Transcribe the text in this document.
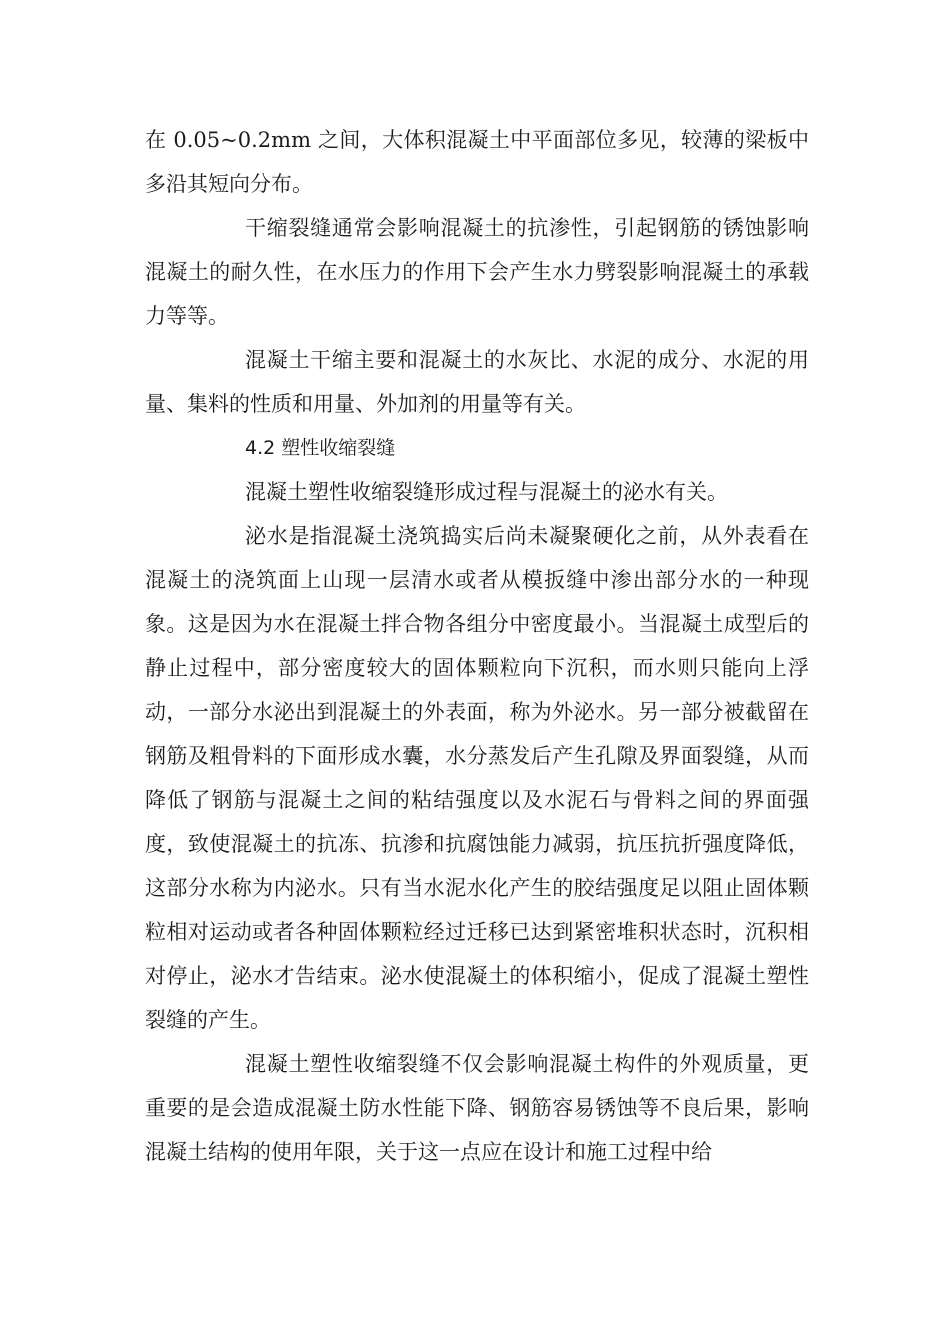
在 0.05~0.2mm 之间，大体积混凝土中平面部位多见，较薄的梁板中多沿其短向分布。

干缩裂缝通常会影响混凝土的抗渗性，引起钢筋的锈蚀影响混凝土的耐久性，在水压力的作用下会产生水力劈裂影响混凝土的承载力等等。

混凝土干缩主要和混凝土的水灰比、水泥的成分、水泥的用量、集料的性质和用量、外加剂的用量等有关。

4.2 塑性收缩裂缝

混凝土塑性收缩裂缝形成过程与混凝土的泌水有关。

泌水是指混凝土浇筑捣实后尚未凝聚硬化之前，从外表看在混凝土的浇筑面上山现一层清水或者从模扳缝中渗出部分水的一种现象。这是因为水在混凝土拌合物各组分中密度最小。当混凝土成型后的静止过程中，部分密度较大的固体颗粒向下沉积，而水则只能向上浮动，一部分水泌出到混凝土的外表面，称为外泌水。另一部分被截留在钢筋及粗骨料的下面形成水囊，水分蒸发后产生孔隙及界面裂缝，从而降低了钢筋与混凝土之间的粘结强度以及水泥石与骨料之间的界面强度，致使混凝土的抗冻、抗渗和抗腐蚀能力减弱，抗压抗折强度降低，这部分水称为内泌水。只有当水泥水化产生的胶结强度足以阻止固体颗粒相对运动或者各种固体颗粒经过迁移已达到紧密堆积状态时，沉积相对停止，泌水才告结束。泌水使混凝土的体积缩小，促成了混凝土塑性裂缝的产生。

混凝土塑性收缩裂缝不仅会影响混凝土构件的外观质量，更重要的是会造成混凝土防水性能下降、钢筋容易锈蚀等不良后果，影响混凝土结构的使用年限，关于这一点应在设计和施工过程中给
